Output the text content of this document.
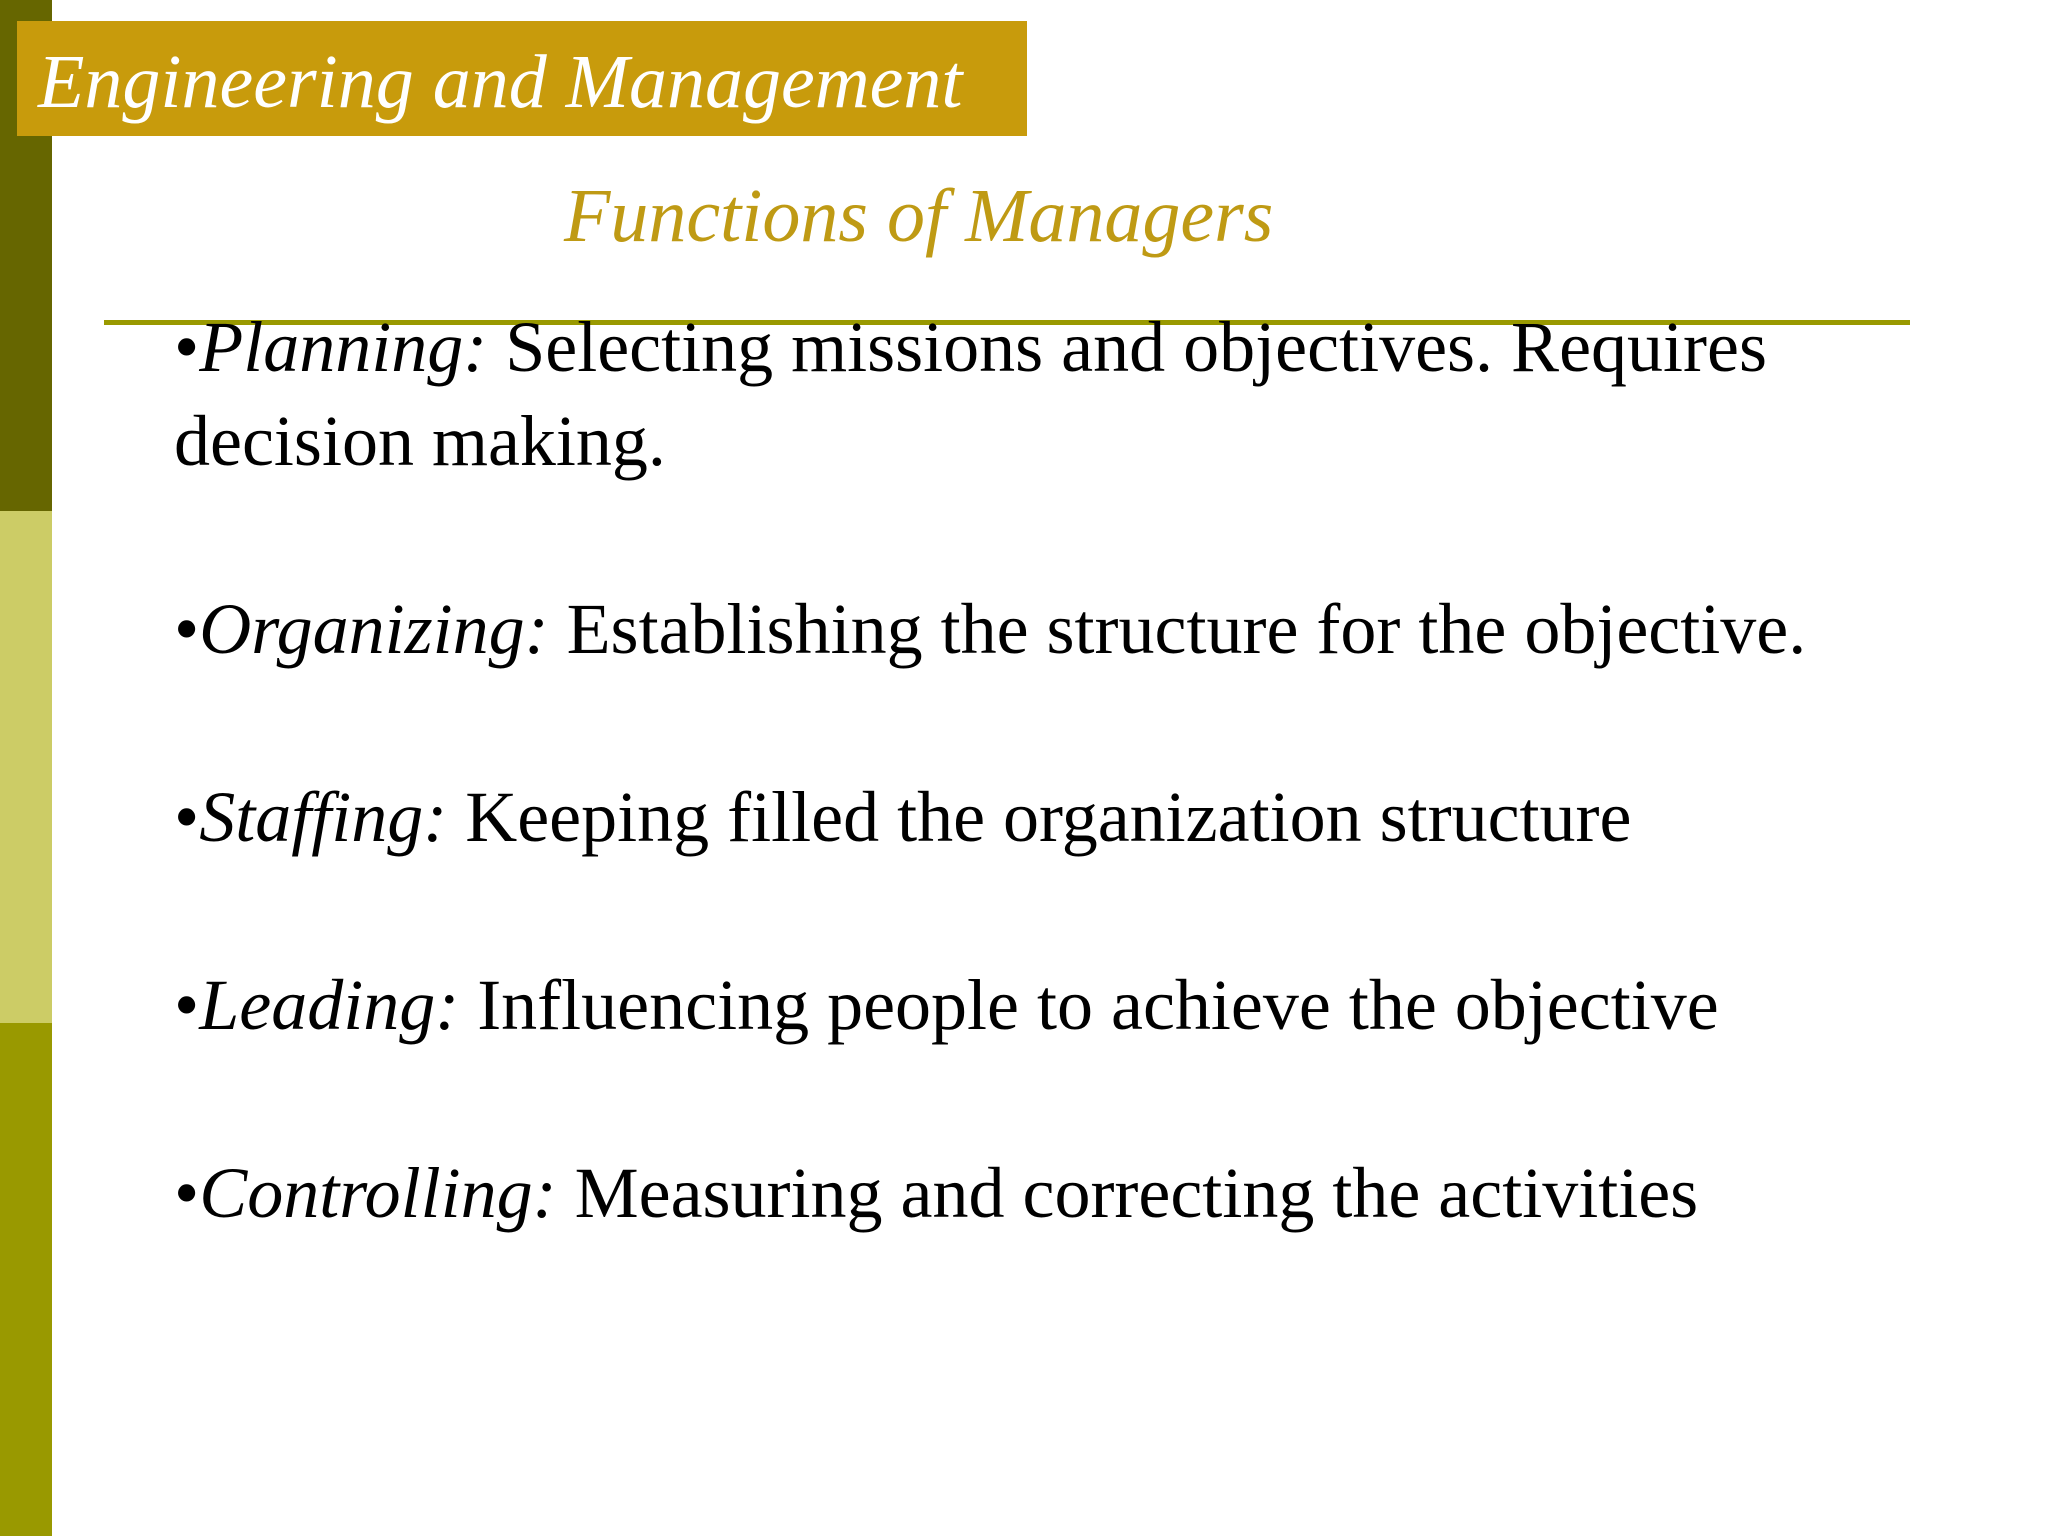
Engineering and Management
Functions of Managers
•Planning: Selecting missions and objectives. Requires decision making.
•Organizing: Establishing the structure for the objective.
•Staffing: Keeping filled the organization structure
•Leading: Influencing people to achieve the objective
•Controlling: Measuring and correcting the activities
